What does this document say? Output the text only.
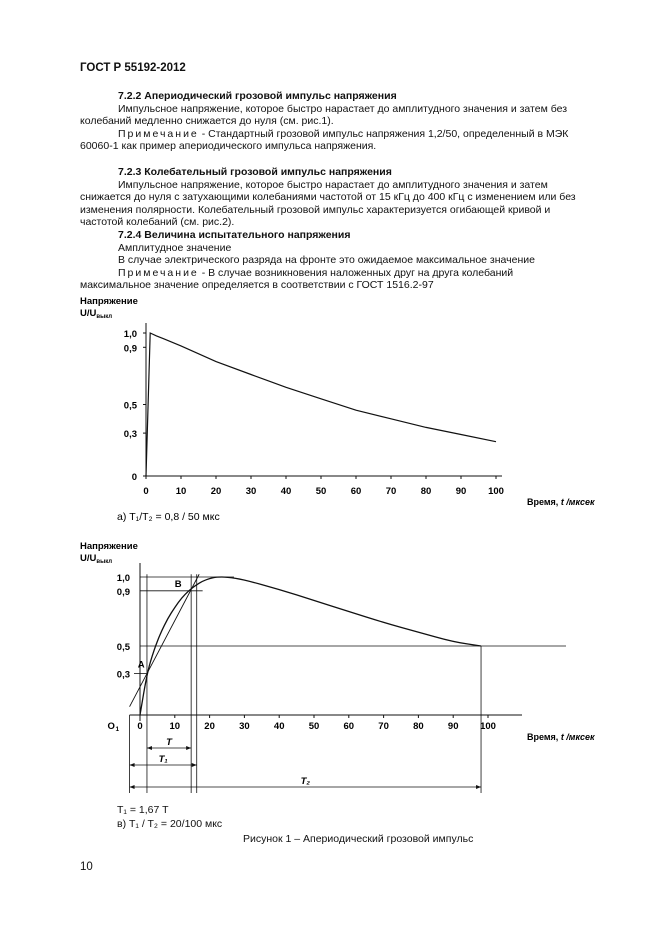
ГОСТ Р 55192-2012
7.2.2 Апериодический грозовой импульс напряжения
Импульсное напряжение, которое быстро нарастает до амплитудного значения и затем без
колебаний медленно снижается до нуля (см. рис.1).
Примечание - Стандартный грозовой импульс напряжения 1,2/50, определенный в МЭК
60060-1 как пример апериодического импульса напряжения.
7.2.3 Колебательный грозовой импульс напряжения
Импульсное напряжение, которое быстро нарастает до амплитудного значения и затем
снижается до нуля с затухающими колебаниями частотой от 15 кГц до 400 кГц с изменением или без
изменения полярности. Колебательный грозовой импульс характеризуется огибающей кривой и
частотой колебаний (см. рис.2).
7.2.4 Величина испытательного напряжения
Амплитудное значение
В случае электрического разряда на фронте это ожидаемое максимальное значение
Примечание - В случае возникновения наложенных друг на друга колебаний
максимальное значение определяется в соответствии с ГОСТ 1516.2-97
Напряжение
$U/U_{выкл}$
0	10	20	30	40	50	60	70	80	90 100
0
0,3
0,5
0,9
1,0
Время, t /мксек
а) T₁/T₂ = 0,8 / 50 мкс
Напряжение
$U/U_{выкл}$
O 1 0	10	20	30	40	50	60	70	80	90 100
0,3
0,5
0,9
1,0
A
B
T
T₁
T₂
Время, t /мксек
T₁ = 1,67 T
в) T₁ / T₂ = 20/100 мкс
Рисунок 1 – Апериодический грозовой импульс
10
